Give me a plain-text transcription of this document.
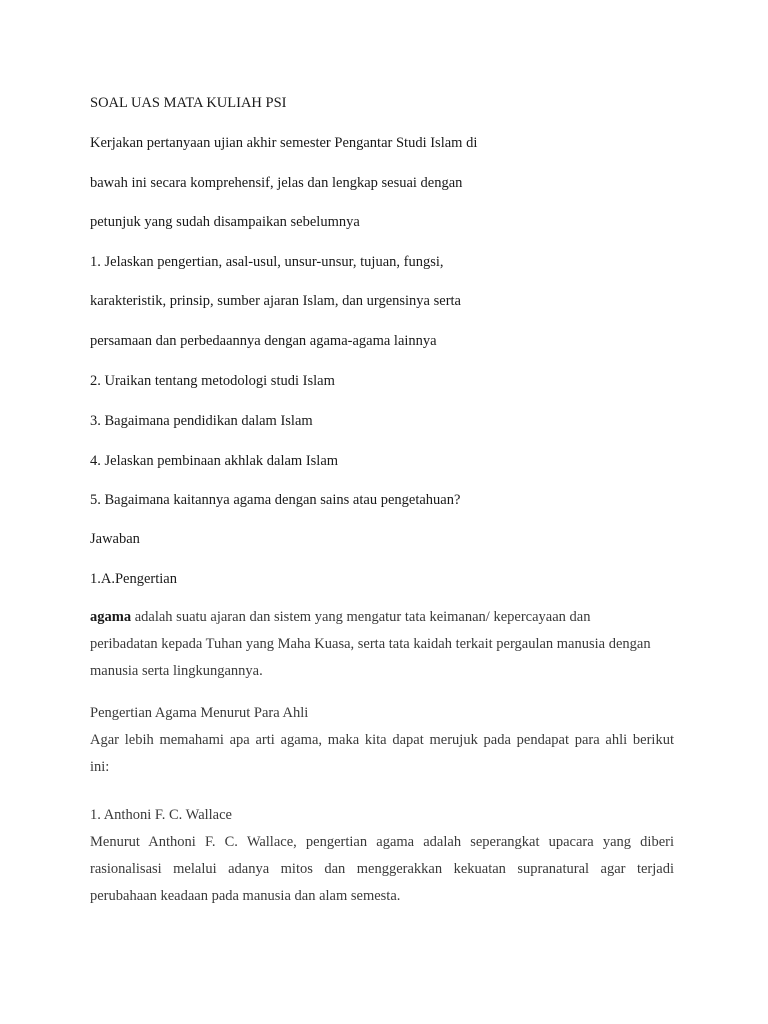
SOAL UAS MATA KULIAH PSI
Kerjakan pertanyaan ujian akhir semester Pengantar Studi Islam di
bawah ini secara komprehensif, jelas dan lengkap sesuai dengan
petunjuk yang sudah disampaikan sebelumnya
1. Jelaskan pengertian, asal-usul, unsur-unsur, tujuan, fungsi,
karakteristik, prinsip, sumber ajaran Islam, dan urgensinya serta
persamaan dan perbedaannya dengan agama-agama lainnya
2. Uraikan tentang metodologi studi Islam
3. Bagaimana pendidikan dalam Islam
4. Jelaskan pembinaan akhlak dalam Islam
5. Bagaimana kaitannya agama dengan sains atau pengetahuan?
Jawaban
1.A.Pengertian
agama adalah suatu ajaran dan sistem yang mengatur tata keimanan/ kepercayaan dan
peribadatan kepada Tuhan yang Maha Kuasa, serta tata kaidah terkait pergaulan manusia dengan
manusia serta lingkungannya.
Pengertian Agama Menurut Para Ahli
Agar lebih memahami apa arti agama, maka kita dapat merujuk pada pendapat para ahli berikut
ini:
1. Anthoni F. C. Wallace
Menurut Anthoni F. C. Wallace, pengertian agama adalah seperangkat upacara yang diberi
rasionalisasi melalui adanya mitos dan menggerakkan kekuatan supranatural agar terjadi
perubahaan keadaan pada manusia dan alam semesta.
